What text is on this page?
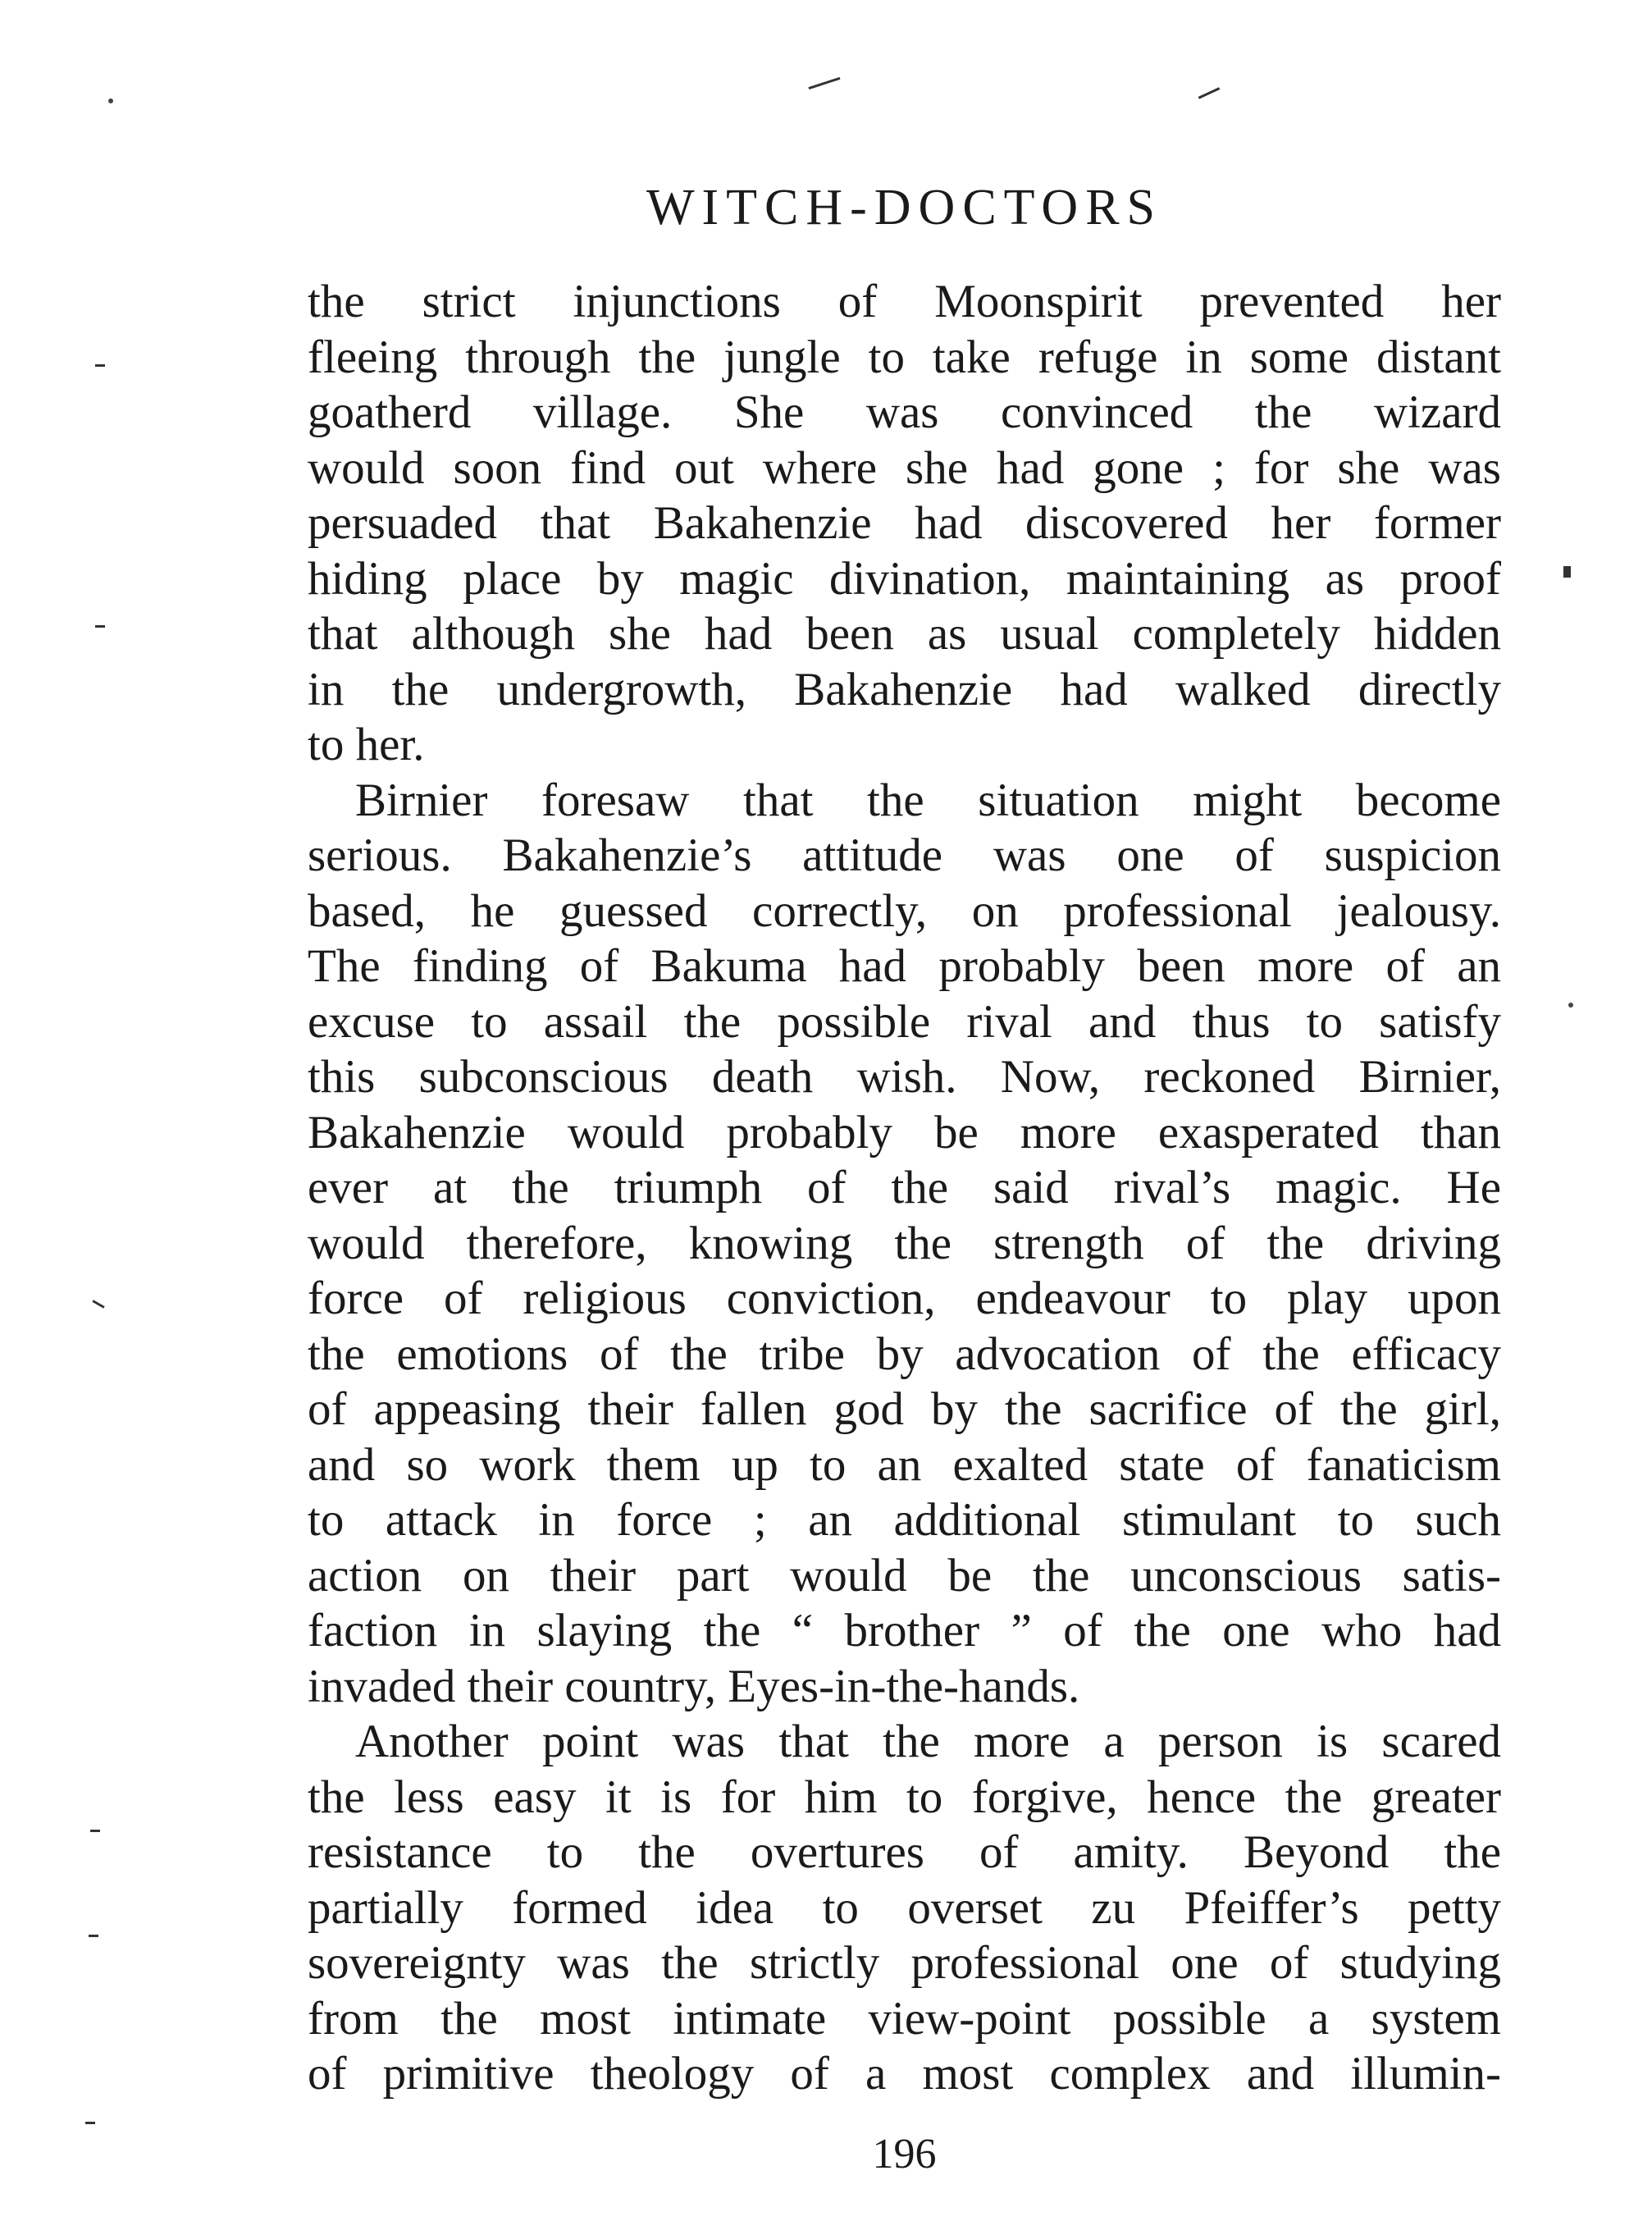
WITCH-DOCTORS
the strict injunctions of Moonspirit prevented her
fleeing through the jungle to take refuge in some distant
goatherd village. She was convinced the wizard
would soon find out where she had gone ; for she was
persuaded that Bakahenzie had discovered her former
hiding place by magic divination, maintaining as proof
that although she had been as usual completely hidden
in the undergrowth, Bakahenzie had walked directly
to her.
Birnier foresaw that the situation might become
serious. Bakahenzie’s attitude was one of suspicion
based, he guessed correctly, on professional jealousy.
The finding of Bakuma had probably been more of an
excuse to assail the possible rival and thus to satisfy
this subconscious death wish. Now, reckoned Birnier,
Bakahenzie would probably be more exasperated than
ever at the triumph of the said rival’s magic. He
would therefore, knowing the strength of the driving
force of religious conviction, endeavour to play upon
the emotions of the tribe by advocation of the efficacy
of appeasing their fallen god by the sacrifice of the girl,
and so work them up to an exalted state of fanaticism
to attack in force ; an additional stimulant to such
action on their part would be the unconscious satis-
faction in slaying the “ brother ” of the one who had
invaded their country, Eyes-in-the-hands.
Another point was that the more a person is scared
the less easy it is for him to forgive, hence the greater
resistance to the overtures of amity. Beyond the
partially formed idea to overset zu Pfeiffer’s petty
sovereignty was the strictly professional one of studying
from the most intimate view-point possible a system
of primitive theology of a most complex and illumin-
196
